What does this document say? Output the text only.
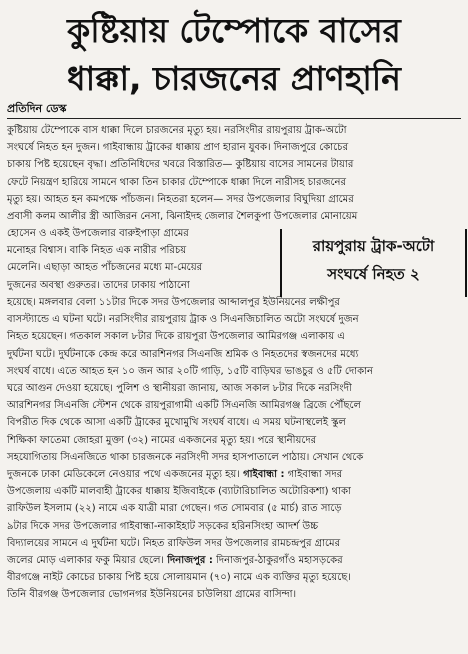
কুষ্টিয়ায় টেম্পোকে বাসের
ধাক্কা, চারজনের প্রাণহানি
প্রতিদিন ডেস্ক

কুষ্টিয়ায় টেম্পোকে বাস ধাক্কা দিলে চারজনের মৃত্যু হয়। নরসিংদীর রায়পুরায় ট্রাক-অটো

সংঘর্ষে নিহত হন দুজন। গাইবান্ধায় ট্রাকের ধাক্কায় প্রাণ হারান যুবক। দিনাজপুরে কোচের

চাকায় পিষ্ট হয়েছেন বৃদ্ধা। প্রতিনিধিদের খবরে বিস্তারিত— কুষ্টিয়ায় বাসের সামনের টায়ার

ফেটে নিয়ন্ত্রণ হারিয়ে সামনে থাকা তিন চাকার টেম্পোকে ধাক্কা দিলে নারীসহ চারজনের

মৃত্যু হয়। আহত হন কমপক্ষে পাঁচজন। নিহতরা হলেন— সদর উপজেলার বিঘুদিয়া গ্রামের

প্রবাসী কলম আলীর স্ত্রী আজিরন নেসা, ঝিনাইদহ জেলার শৈলকুপা উপজেলার মোনায়েম

হোসেন ও একই উপজেলার বারুইপাড়া গ্রামের

মনোহর বিশ্বাস। বাকি নিহত এক নারীর পরিচয়

মেলেনি। এছাড়া আহত পাঁচজনের মধ্যে মা-মেয়ের

দুজনের অবস্থা গুরুতর। তাদের ঢাকায় পাঠানো

রায়পুরায় ট্রাক-অটো
সংঘর্ষে নিহত ২

হয়েছে। মঙ্গলবার বেলা ১১টার দিকে সদর উপজেলার আব্দালপুর ইউনিয়নের লক্ষীপুর

বাসস্ট্যান্ডে এ ঘটনা ঘটে। নরসিংদীর রায়পুরায় ট্রাক ও সিএনজিচালিত অটো সংঘর্ষে দুজন

নিহত হয়েছেন। গতকাল সকাল ৮টার দিকে রায়পুরা উপজেলার আমিরগঞ্জ এলাকায় এ

দুর্ঘটনা ঘটে। দুর্ঘটনাকে কেন্দ্র করে আরশিনগর সিএনজি শ্রমিক ও নিহতদের স্বজনদের মধ্যে

সংঘর্ষ বাধে। এতে আহত হন ১০ জন আর ২০টি গাড়ি, ১৫টি বাড়িঘর ভাঙচুর ও ৫টি দোকান

ঘরে আগুন দেওয়া হয়েছে। পুলিশ ও স্থানীয়রা জানায়, আজ সকাল ৮টার দিকে নরসিংদী

আরশিনগর সিএনজি স্টেশন থেকে রায়পুরাগামী একটি সিএনজি আমিরগঞ্জ ব্রিজে পৌঁছলে

বিপরীত দিক থেকে আসা একটি ট্রাকের মুখোমুখি সংঘর্ষ বাধে। এ সময় ঘটনাস্থলেই স্কুল

শিক্ষিকা ফাতেমা জোহরা মুক্তা (৩২) নামের একজনের মৃত্যু হয়। পরে স্থানীয়দের

সহযোগিতায় সিএনজিতে থাকা চারজনকে নরসিংদী সদর হাসপাতালে পাঠায়। সেখান থেকে

দুজনকে ঢাকা মেডিকেলে নেওয়ার পথে একজনের মৃত্যু হয়। গাইবান্ধা : গাইবান্ধা সদর

উপজেলায় একটি মালবাহী ট্রাকের ধাক্কায় ইজিবাইকে (ব্যাটারিচালিত অটোরিকশা) থাকা

রাফিউল ইসলাম (২২) নামে এক যাত্রী মারা গেছেন। গত সোমবার (৫ মার্চ) রাত সাড়ে

৯টার দিকে সদর উপজেলার গাইবান্ধা-নাকাইহাট সড়কের হরিনসিংহা আদর্শ উচ্চ

বিদ্যালয়ের সামনে এ দুর্ঘটনা ঘটে। নিহত রাফিউল সদর উপজেলার রামচন্দ্রপুর গ্রামের

জলের মোড় এলাকার ফকু মিয়ার ছেলে। দিনাজপুর : দিনাজপুর-ঠাকুরগাঁও মহাসড়কের

বীরগঞ্জে নাইট কোচের চাকায় পিষ্ট হয়ে সোলায়মান (৭০) নামে এক ব্যক্তির মৃত্যু হয়েছে।

তিনি বীরগঞ্জ উপজেলার ভোগনগর ইউনিয়নের চাউলিয়া গ্রামের বাসিন্দা।
